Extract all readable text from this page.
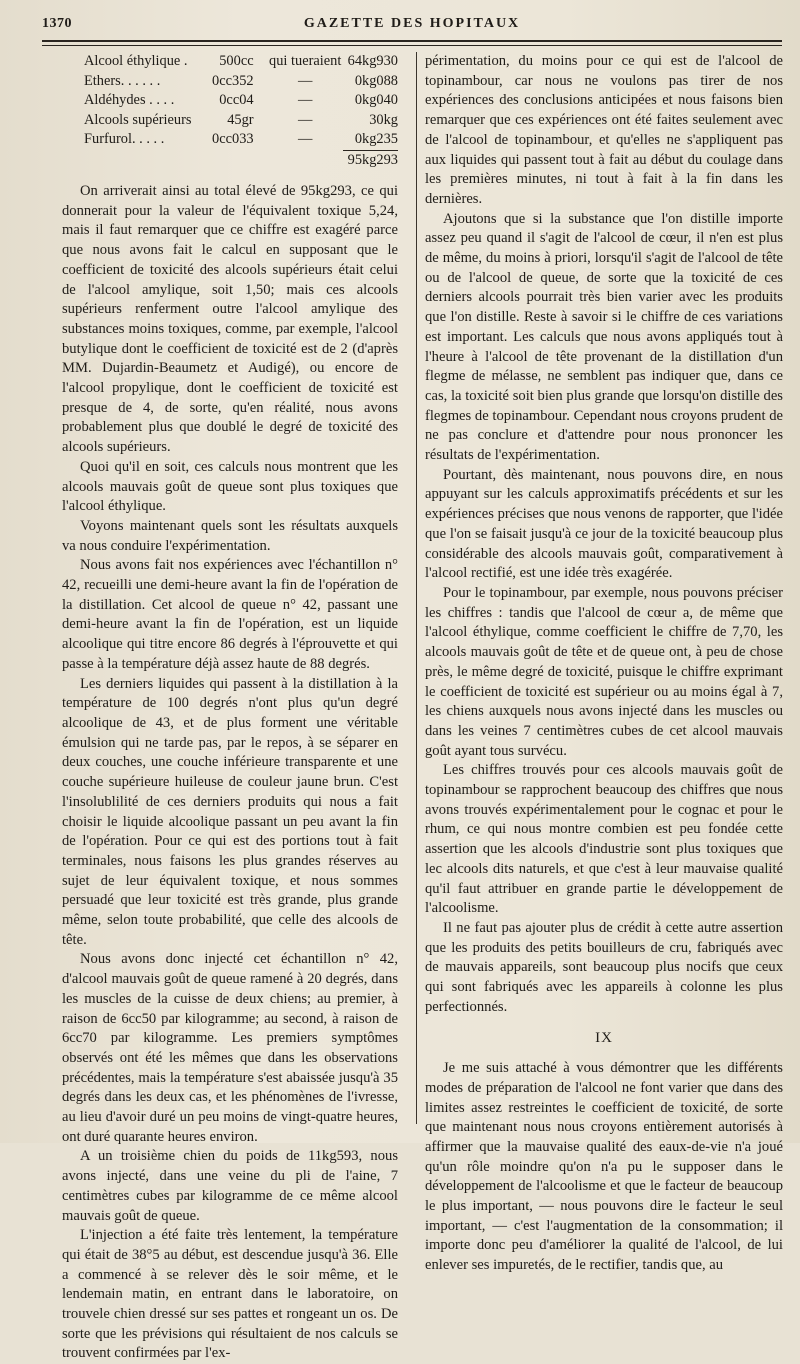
1370	GAZETTE DES HOPITAUX
Alcool éthylique .	500cc	qui tueraient	64kg930
Ethers. . . . . .	0cc352	—	0kg088
Aldéhydes . . . .	0cc04	—	0kg040
Alcools supérieurs	45gr	—	30kg
Furfurol. . . . .	0cc033	—	0kg235
			95kg293

On arriverait ainsi au total élevé de 95kg293, ce qui donnerait pour la valeur de l'équivalent toxique 5,24, mais il faut remarquer que ce chiffre est exagéré parce que nous avons fait le calcul en supposant que le coefficient de toxicité des alcools supérieurs était celui de l'alcool amylique, soit 1,50; mais ces alcools supérieurs renferment outre l'alcool amylique des substances moins toxiques, comme, par exemple, l'alcool butylique dont le coefficient de toxicité est de 2 (d'après MM. Dujardin-Beaumetz et Audigé), ou encore de l'alcool propylique, dont le coefficient de toxicité est presque de 4, de sorte, qu'en réalité, nous avons probablement plus que doublé le degré de toxicité des alcools supérieurs.

Quoi qu'il en soit, ces calculs nous montrent que les alcools mauvais goût de queue sont plus toxiques que l'alcool éthylique.

Voyons maintenant quels sont les résultats auxquels va nous conduire l'expérimentation.

Nous avons fait nos expériences avec l'échantillon n° 42, recueilli une demi-heure avant la fin de l'opération de la distillation. Cet alcool de queue n° 42, passant une demi-heure avant la fin de l'opération, est un liquide alcoolique qui titre encore 86 degrés à l'éprouvette et qui passe à la température déjà assez haute de 88 degrés.

Les derniers liquides qui passent à la distillation à la température de 100 degrés n'ont plus qu'un degré alcoolique de 43, et de plus forment une véritable émulsion qui ne tarde pas, par le repos, à se séparer en deux couches, une couche inférieure transparente et une couche supérieure huileuse de couleur jaune brun. C'est l'insolublilité de ces derniers produits qui nous a fait choisir le liquide alcoolique passant un peu avant la fin de l'opération. Pour ce qui est des portions tout à fait terminales, nous faisons les plus grandes réserves au sujet de leur équivalent toxique, et nous sommes persuadé que leur toxicité est très grande, plus grande même, selon toute probabilité, que celle des alcools de tête.

Nous avons donc injecté cet échantillon n° 42, d'alcool mauvais goût de queue ramené à 20 degrés, dans les muscles de la cuisse de deux chiens; au premier, à raison de 6cc50 par kilogramme; au second, à raison de 6cc70 par kilogramme. Les premiers symptômes observés ont été les mêmes que dans les observations précédentes, mais la température s'est abaissée jusqu'à 35 degrés dans les deux cas, et les phénomènes de l'ivresse, au lieu d'avoir duré un peu moins de vingt-quatre heures, ont duré quarante heures environ.

A un troisième chien du poids de 11kg593, nous avons injecté, dans une veine du pli de l'aine, 7 centimètres cubes par kilogramme de ce même alcool mauvais goût de queue.

L'injection a été faite très lentement, la température qui était de 38°5 au début, est descendue jusqu'à 36. Elle a commencé à se relever dès le soir même, et le lendemain matin, en entrant dans le laboratoire, on trouvele chien dressé sur ses pattes et rongeant un os. De sorte que les prévisions qui résultaient de nos calculs se trouvent confirmées par l'ex-

périmentation, du moins pour ce qui est de l'alcool de topinambour, car nous ne voulons pas tirer de nos expériences des conclusions anticipées et nous faisons bien remarquer que ces expériences ont été faites seulement avec de l'alcool de topinambour, et qu'elles ne s'appliquent pas aux liquides qui passent tout à fait au début du coulage dans les premières minutes, ni tout à fait à la fin dans les dernières.

Ajoutons que si la substance que l'on distille importe assez peu quand il s'agit de l'alcool de cœur, il n'en est plus de même, du moins à priori, lorsqu'il s'agit de l'alcool de tête ou de l'alcool de queue, de sorte que la toxicité de ces derniers alcools pourrait très bien varier avec les produits que l'on distille. Reste à savoir si le chiffre de ces variations est important. Les calculs que nous avons appliqués tout à l'heure à l'alcool de tête provenant de la distillation d'un flegme de mélasse, ne semblent pas indiquer que, dans ce cas, la toxicité soit bien plus grande que lorsqu'on distille des flegmes de topinambour. Cependant nous croyons prudent de ne pas conclure et d'attendre pour nous prononcer les résultats de l'expérimentation.

Pourtant, dès maintenant, nous pouvons dire, en nous appuyant sur les calculs approximatifs précédents et sur les expériences précises que nous venons de rapporter, que l'idée que l'on se faisait jusqu'à ce jour de la toxicité beaucoup plus considérable des alcools mauvais goût, comparativement à l'alcool rectifié, est une idée très exagérée.

Pour le topinambour, par exemple, nous pouvons préciser les chiffres : tandis que l'alcool de cœur a, de même que l'alcool éthylique, comme coefficient le chiffre de 7,70, les alcools mauvais goût de tête et de queue ont, à peu de chose près, le même degré de toxicité, puisque le chiffre exprimant le coefficient de toxicité est supérieur ou au moins égal à 7, les chiens auxquels nous avons injecté dans les muscles ou dans les veines 7 centimètres cubes de cet alcool mauvais goût ayant tous survécu.

Les chiffres trouvés pour ces alcools mauvais goût de topinambour se rapprochent beaucoup des chiffres que nous avons trouvés expérimentalement pour le cognac et pour le rhum, ce qui nous montre combien est peu fondée cette assertion que les alcools d'industrie sont plus toxiques que lec alcools dits naturels, et que c'est à leur mauvaise qualité qu'il faut attribuer en grande partie le développement de l'alcoolisme.

Il ne faut pas ajouter plus de crédit à cette autre assertion que les produits des petits bouilleurs de cru, fabriqués avec de mauvais appareils, sont beaucoup plus nocifs que ceux qui sont fabriqués avec les appareils à colonne les plus perfectionnés.

IX

Je me suis attaché à vous démontrer que les différents modes de préparation de l'alcool ne font varier que dans des limites assez restreintes le coefficient de toxicité, de sorte que maintenant nous nous croyons entièrement autorisés à affirmer que la mauvaise qualité des eaux-de-vie n'a joué qu'un rôle moindre qu'on n'a pu le supposer dans le développement de l'alcoolisme et que le facteur de beaucoup le plus important, — nous pouvons dire le facteur le seul important, — c'est l'augmentation de la consommation; il importe donc peu d'améliorer la qualité de l'alcool, de lui enlever ses impuretés, de le rectifier, tandis que, au
